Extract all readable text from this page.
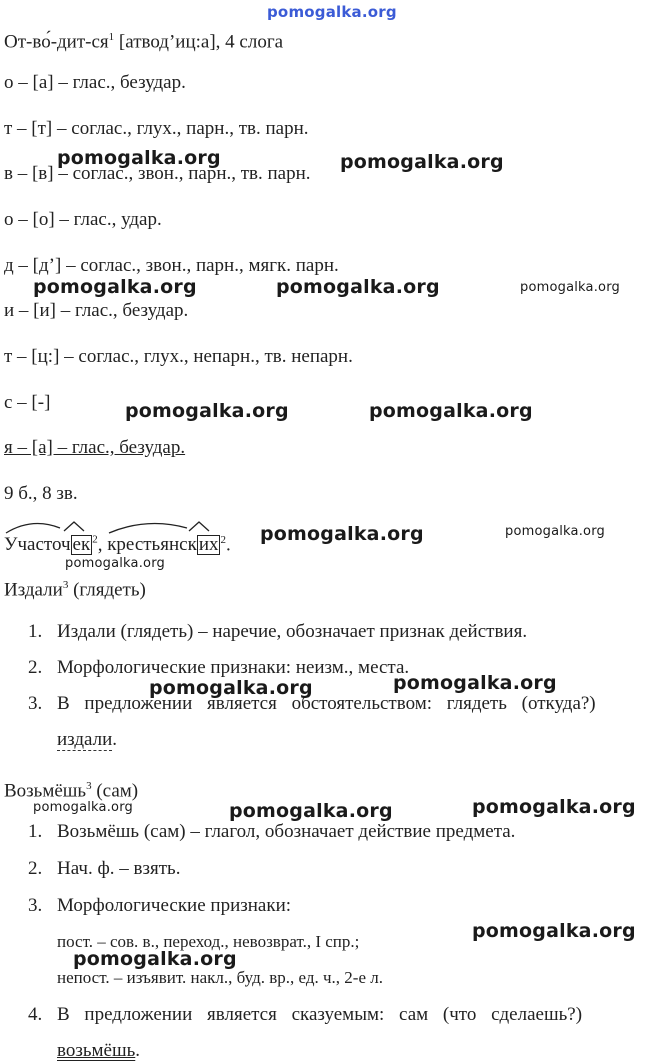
pomogalka.org
$От-во́-дит-ся^1$ [атвод’иц:а], 4 слога
о – [а] – глас., безудар.
т – [т] – соглас., глух., парн., тв. парн.
в – [в] – соглас., звон., парн., тв. парн.
о – [о] – глас., удар.
д – [д’] – соглас., звон., парн., мягк. парн.
и – [и] – глас., безудар.
т – [ц:] – соглас., глух., непарн., тв. непарн.
с – [-]
я – [а] – глас., безудар.
9 б., 8 зв.
Участоч ек $^2$, крестьянск их $^2$.
Издали$^3$ (глядеть)
1. Издали (глядеть) – наречие, обозначает признак действия.
2. Морфологические признаки: неизм., места.
3. В предложении является обстоятельством: глядеть (откуда?)
издали.
Возьмёшь$^3$ (сам)
1. Возьмёшь (сам) – глагол, обозначает действие предмета.
2. Нач. ф. – взять.
3. Морфологические признаки:
пост. – сов. в., переход., невозврат., I спр.;
непост. – изъявит. накл., буд. вр., ед. ч., 2-е л.
4. В предложении является сказуемым: сам (что сделаешь?)
возьмёшь.
pomogalka.org	pomogalka.org
pomogalka.org	pomogalka.org	pomogalka.org
pomogalka.org	pomogalka.org
pomogalka.org	pomogalka.org
pomogalka.org
pomogalka.org	pomogalka.org
pomogalka.org	pomogalka.org	pomogalka.org
pomogalka.org
pomogalka.org
